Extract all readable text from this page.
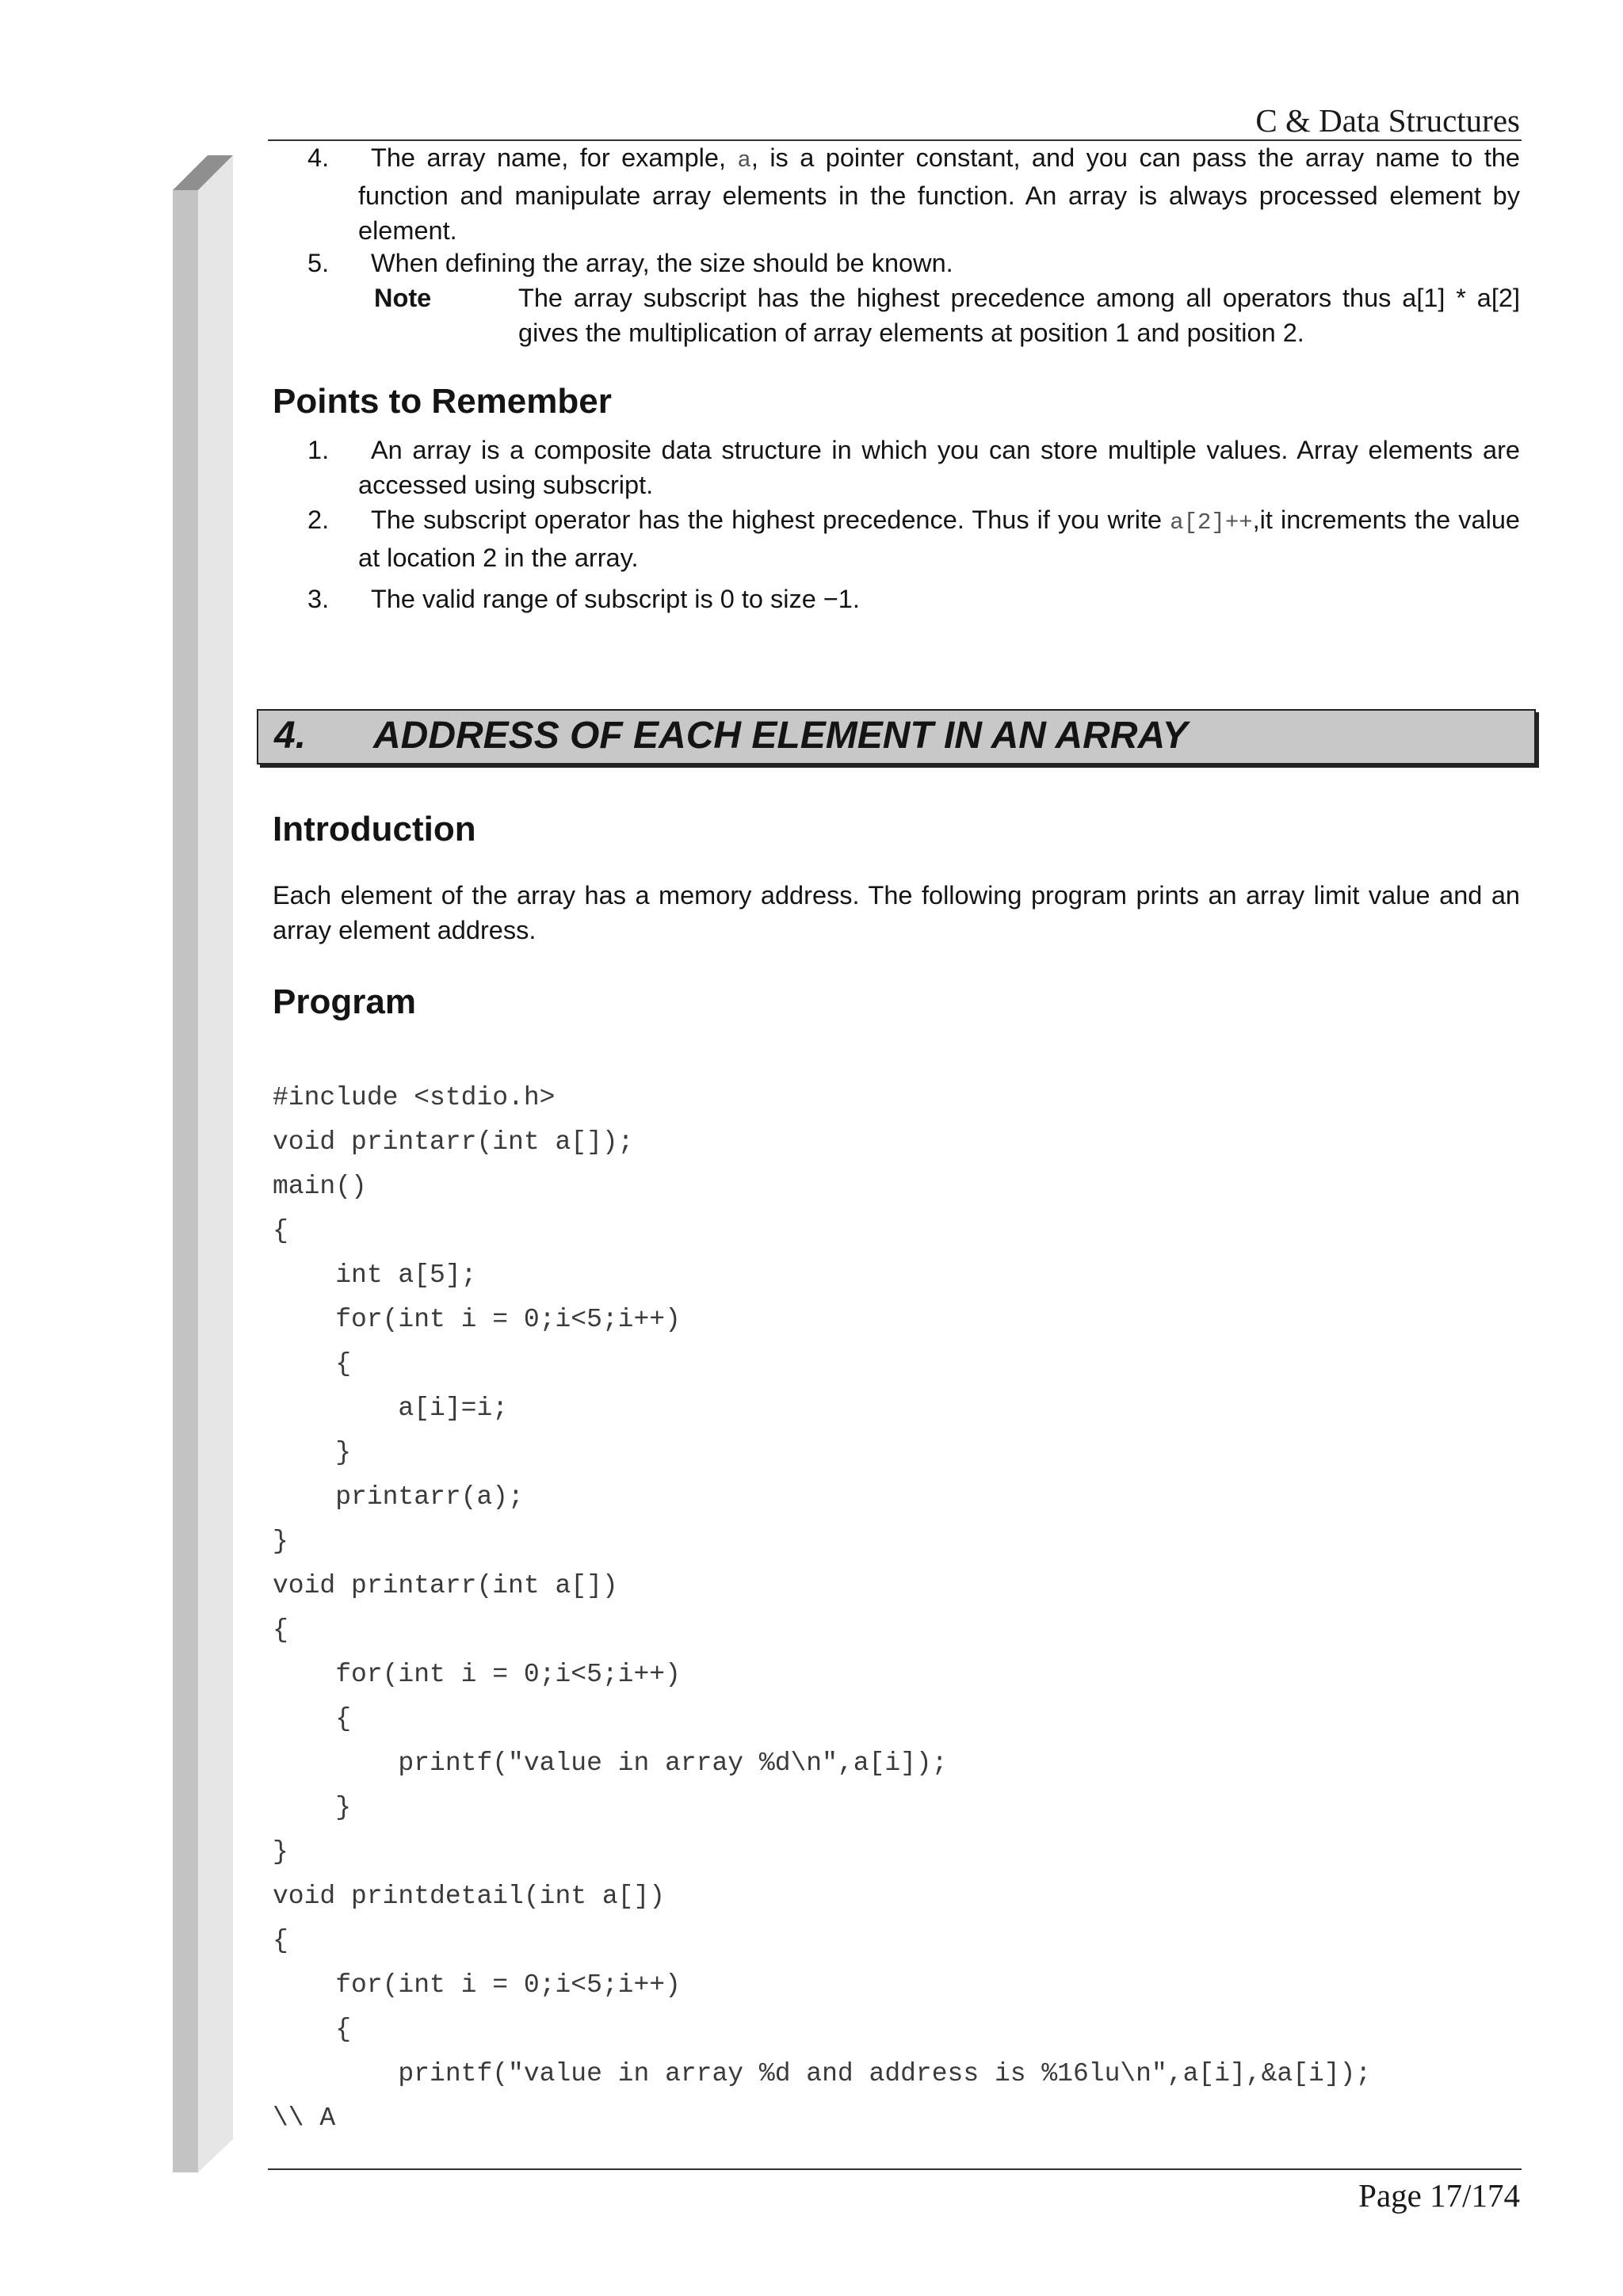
C & Data Structures
Page 17/174
4.	The array name, for example, a, is a pointer constant, and you can pass the array name to the function and manipulate array elements in the function. An array is always processed element by element.
5.	When defining the array, the size should be known.
Note	The array subscript has the highest precedence among all operators thus a[1] * a[2] gives the multiplication of array elements at position 1 and position 2.
Points to Remember
1.	An array is a composite data structure in which you can store multiple values. Array elements are accessed using subscript.
2.	The subscript operator has the highest precedence. Thus if you write a[2]++,it increments the value at location 2 in the array.
3.	The valid range of subscript is 0 to size −1.
4. ADDRESS OF EACH ELEMENT IN AN ARRAY
Introduction
Each element of the array has a memory address. The following program prints an array limit value and an array element address.
Program
#include <stdio.h>
void printarr(int a[]);
main()
{
int a[5];
for(int i = 0;i<5;i++)
{
a[i]=i;
}
printarr(a);
}
void printarr(int a[])
{
for(int i = 0;i<5;i++)
{
printf("value in array %d\n",a[i]);
}
}
void printdetail(int a[])
{
for(int i = 0;i<5;i++)
{
printf("value in array %d and address is %16lu\n",a[i],&a[i]);
\\ A
